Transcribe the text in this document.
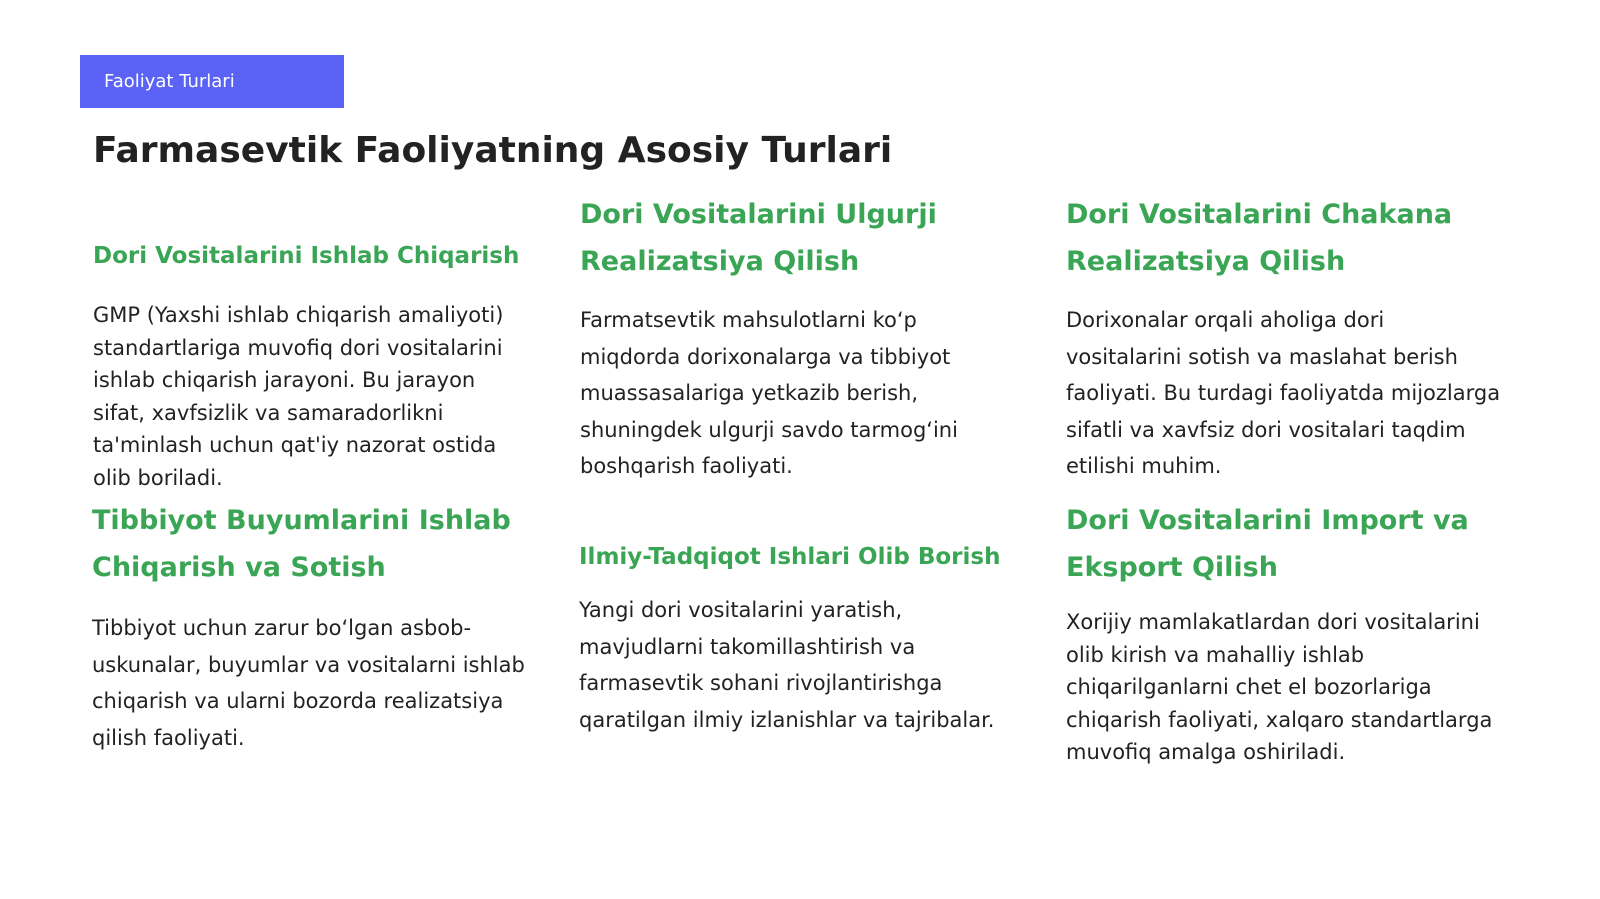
Faoliyat Turlari
Farmasevtik Faoliyatning Asosiy Turlari
Dori Vositalarini Ishlab Chiqarish

GMP (Yaxshi ishlab chiqarish amaliyoti) standartlariga muvofiq dori vositalarini ishlab chiqarish jarayoni. Bu jarayon sifat, xavfsizlik va samaradorlikni ta'minlash uchun qat'iy nazorat ostida olib boriladi.

Dori Vositalarini Ulgurji Realizatsiya Qilish

Farmatsevtik mahsulotlarni ko‘p miqdorda dorixonalarga va tibbiyot muassasalariga yetkazib berish, shuningdek ulgurji savdo tarmog‘ini boshqarish faoliyati.

Dori Vositalarini Chakana Realizatsiya Qilish

Dorixonalar orqali aholiga dori vositalarini sotish va maslahat berish faoliyati. Bu turdagi faoliyatda mijozlarga sifatli va xavfsiz dori vositalari taqdim etilishi muhim.

Tibbiyot Buyumlarini Ishlab Chiqarish va Sotish

Tibbiyot uchun zarur bo‘lgan asbob-uskunalar, buyumlar va vositalarni ishlab chiqarish va ularni bozorda realizatsiya qilish faoliyati.

Ilmiy-Tadqiqot Ishlari Olib Borish

Yangi dori vositalarini yaratish, mavjudlarni takomillashtirish va farmasevtik sohani rivojlantirishga qaratilgan ilmiy izlanishlar va tajribalar.

Dori Vositalarini Import va Eksport Qilish

Xorijiy mamlakatlardan dori vositalarini olib kirish va mahalliy ishlab chiqarilganlarni chet el bozorlariga chiqarish faoliyati, xalqaro standartlarga muvofiq amalga oshiriladi.
